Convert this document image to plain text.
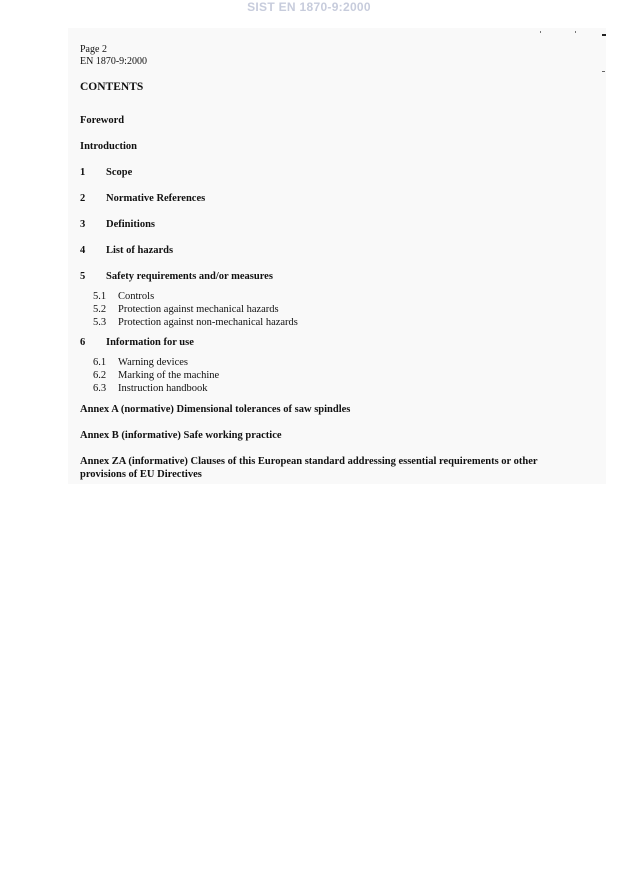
SIST EN 1870-9:2000
Page 2
EN 1870-9:2000
CONTENTS
Foreword
Introduction
1 Scope
2 Normative References
3 Definitions
4 List of hazards
5 Safety requirements and/or measures
5.1 Controls
5.2 Protection against mechanical hazards
5.3 Protection against non-mechanical hazards
6 Information for use
6.1 Warning devices
6.2 Marking of the machine
6.3 Instruction handbook
Annex A (normative) Dimensional tolerances of saw spindles
Annex B (informative) Safe working practice
Annex ZA (informative) Clauses of this European standard addressing essential requirements or other provisions of EU Directives
